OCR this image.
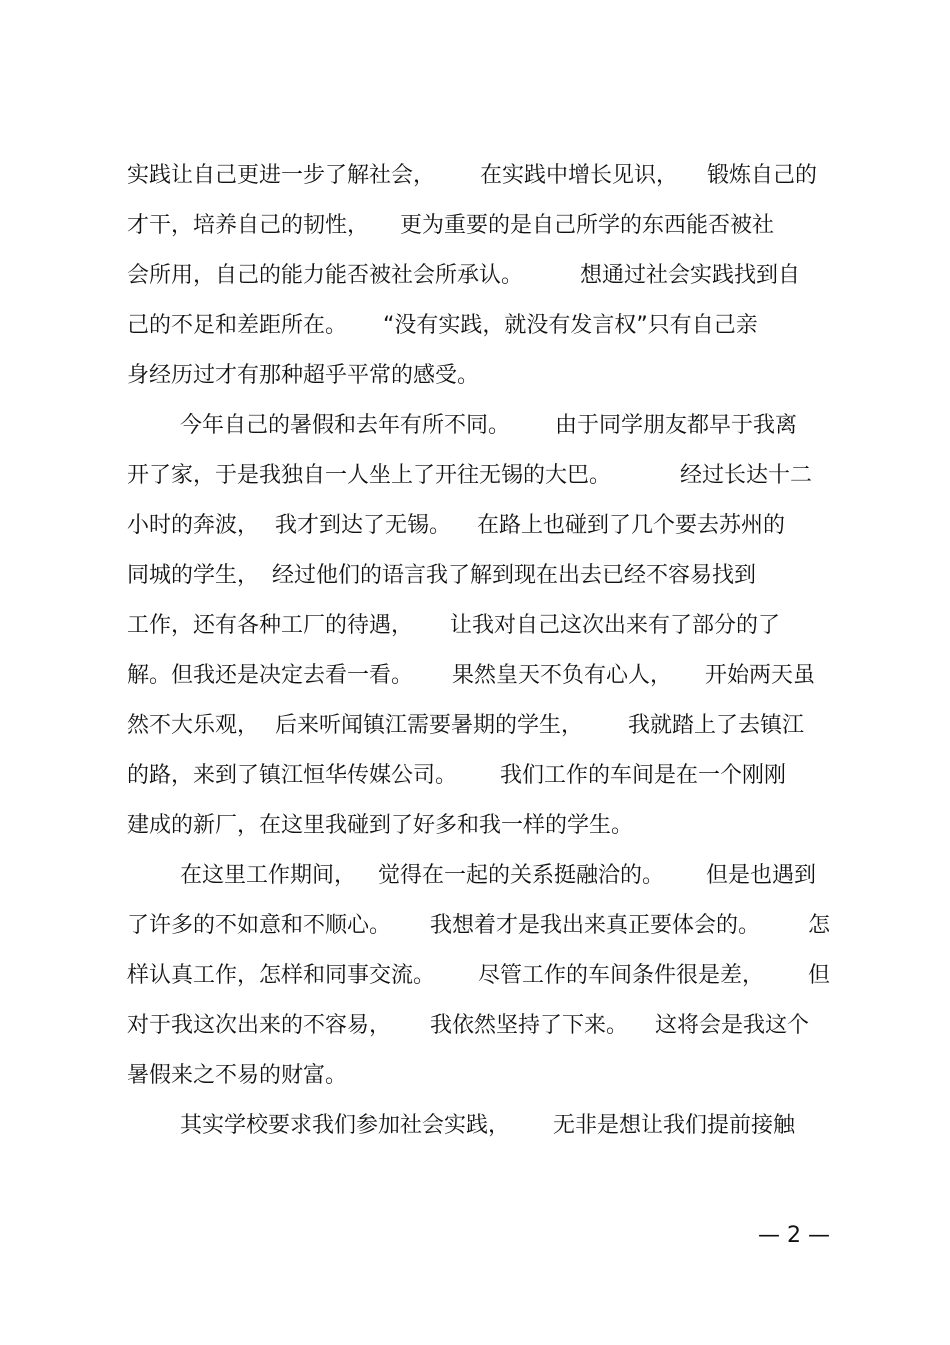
实践让自己更进一步了解社会， 在实践中增长见识， 锻炼自己的
才干，培养自己的韧性， 更为重要的是自己所学的东西能否被社
会所用，自己的能力能否被社会所承认。	想通过社会实践找到自
己的不足和差距所在。 “没有实践，就没有发言权”只有自己亲
身经历过才有那种超乎平常的感受。
今年自己的暑假和去年有所不同。 由于同学朋友都早于我离
开了家，于是我独自一人坐上了开往无锡的大巴。	经过长达十二
小时的奔波， 我才到达了无锡。 在路上也碰到了几个要去苏州的
同城的学生， 经过他们的语言我了解到现在出去已经不容易找到
工作，还有各种工厂的待遇， 让我对自己这次出来有了部分的了
解。但我还是决定去看一看。 果然皇天不负有心人， 开始两天虽
然不大乐观， 后来听闻镇江需要暑期的学生， 我就踏上了去镇江
的路，来到了镇江恒华传媒公司。 我们工作的车间是在一个刚刚
建成的新厂，在这里我碰到了好多和我一样的学生。
在这里工作期间， 觉得在一起的关系挺融洽的。 但是也遇到
了许多的不如意和不顺心。 我想着才是我出来真正要体会的。 怎
样认真工作，怎样和同事交流。 尽管工作的车间条件很是差， 但
对于我这次出来的不容易， 我依然坚持了下来。 这将会是我这个
暑假来之不易的财富。
其实学校要求我们参加社会实践， 无非是想让我们提前接触
— 2 —
